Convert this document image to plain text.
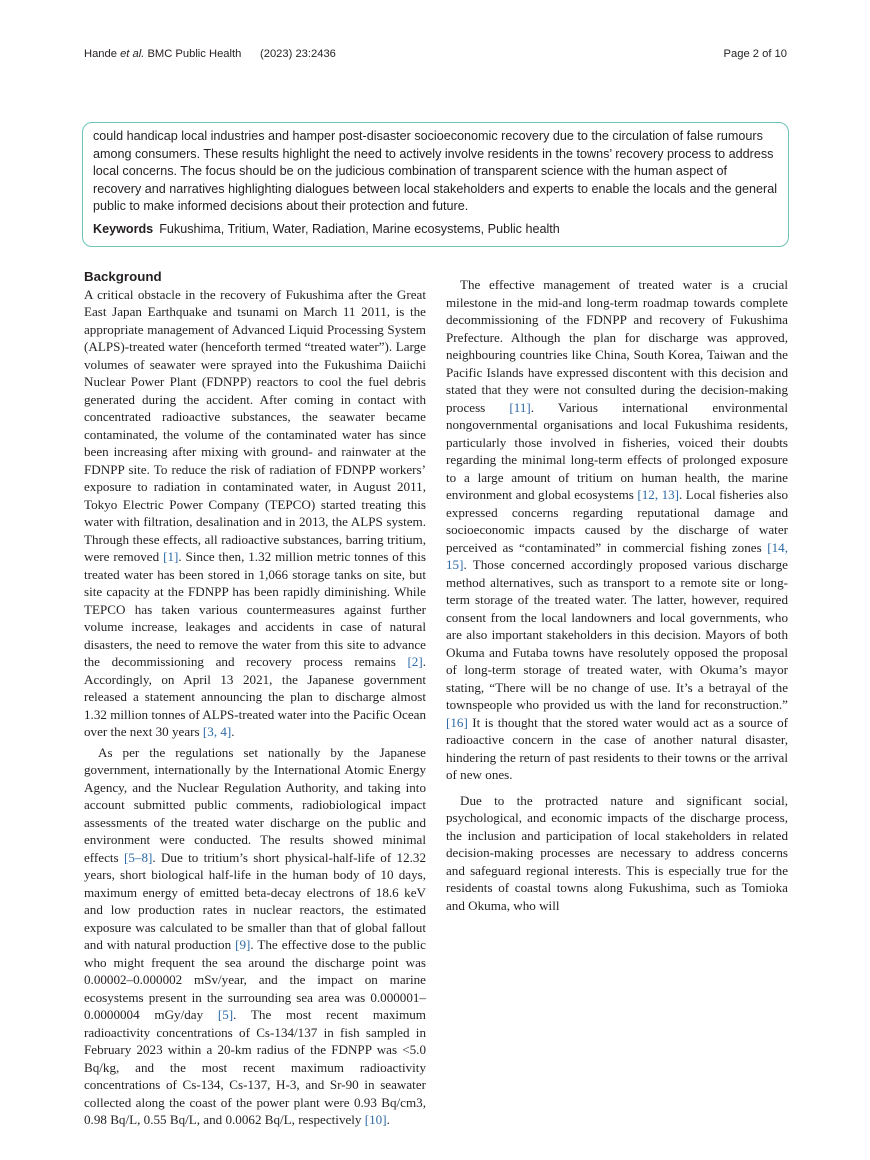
Hande et al. BMC Public Health (2023) 23:2436	Page 2 of 10

could handicap local industries and hamper post-disaster socioeconomic recovery due to the circulation of false rumours among consumers. These results highlight the need to actively involve residents in the towns’ recovery process to address local concerns. The focus should be on the judicious combination of transparent science with the human aspect of recovery and narratives highlighting dialogues between local stakeholders and experts to enable the locals and the general public to make informed decisions about their protection and future.

Keywords Fukushima, Tritium, Water, Radiation, Marine ecosystems, Public health

Background

A critical obstacle in the recovery of Fukushima after the Great East Japan Earthquake and tsunami on March 11 2011, is the appropriate management of Advanced Liquid Processing System (ALPS)-treated water (henceforth termed “treated water”). Large volumes of seawater were sprayed into the Fukushima Daiichi Nuclear Power Plant (FDNPP) reactors to cool the fuel debris generated during the accident. After coming in contact with concentrated radioactive substances, the seawater became contaminated, the volume of the contaminated water has since been increasing after mixing with ground- and rainwater at the FDNPP site. To reduce the risk of radiation of FDNPP workers’ exposure to radiation in contaminated water, in August 2011, Tokyo Electric Power Company (TEPCO) started treating this water with filtration, desalination and in 2013, the ALPS system. Through these effects, all radioactive substances, barring tritium, were removed [1]. Since then, 1.32 million metric tonnes of this treated water has been stored in 1,066 storage tanks on site, but site capacity at the FDNPP has been rapidly diminishing. While TEPCO has taken various countermeasures against further volume increase, leakages and accidents in case of natural disasters, the need to remove the water from this site to advance the decommissioning and recovery process remains [2]. Accordingly, on April 13 2021, the Japanese government released a statement announcing the plan to discharge almost 1.32 million tonnes of ALPS-treated water into the Pacific Ocean over the next 30 years [3, 4].

As per the regulations set nationally by the Japanese government, internationally by the International Atomic Energy Agency, and the Nuclear Regulation Authority, and taking into account submitted public comments, radiobiological impact assessments of the treated water discharge on the public and environment were conducted. The results showed minimal effects [5–8]. Due to tritium’s short physical-half-life of 12.32 years, short biological half-life in the human body of 10 days, maximum energy of emitted beta-decay electrons of 18.6 keV and low production rates in nuclear reactors, the estimated exposure was calculated to be smaller than that of global fallout and with natural production [9]. The effective dose to the public who might frequent the sea around the discharge point was 0.00002–0.000002 mSv/year, and the impact on marine ecosystems present in the surrounding sea area was 0.000001–0.0000004 mGy/day [5]. The most recent maximum radioactivity concentrations of Cs-134/137 in fish sampled in February 2023 within a 20-km radius of the FDNPP was <5.0 Bq/kg, and the most recent maximum radioactivity concentrations of Cs-134, Cs-137, H-3, and Sr-90 in seawater collected along the coast of the power plant were 0.93 Bq/cm3, 0.98 Bq/L, 0.55 Bq/L, and 0.0062 Bq/L, respectively [10].

The effective management of treated water is a crucial milestone in the mid-and long-term roadmap towards complete decommissioning of the FDNPP and recovery of Fukushima Prefecture. Although the plan for discharge was approved, neighbouring countries like China, South Korea, Taiwan and the Pacific Islands have expressed discontent with this decision and stated that they were not consulted during the decision-making process [11]. Various international environmental nongovernmental organisations and local Fukushima residents, particularly those involved in fisheries, voiced their doubts regarding the minimal long-term effects of prolonged exposure to a large amount of tritium on human health, the marine environment and global ecosystems [12, 13]. Local fisheries also expressed concerns regarding reputational damage and socioeconomic impacts caused by the discharge of water perceived as “contaminated” in commercial fishing zones [14, 15]. Those concerned accordingly proposed various discharge method alternatives, such as transport to a remote site or long-term storage of the treated water. The latter, however, required consent from the local landowners and local governments, who are also important stakeholders in this decision. Mayors of both Okuma and Futaba towns have resolutely opposed the proposal of long-term storage of treated water, with Okuma’s mayor stating, “There will be no change of use. It’s a betrayal of the townspeople who provided us with the land for reconstruction.” [16] It is thought that the stored water would act as a source of radioactive concern in the case of another natural disaster, hindering the return of past residents to their towns or the arrival of new ones.

Due to the protracted nature and significant social, psychological, and economic impacts of the discharge process, the inclusion and participation of local stakeholders in related decision-making processes are necessary to address concerns and safeguard regional interests. This is especially true for the residents of coastal towns along Fukushima, such as Tomioka and Okuma, who will
